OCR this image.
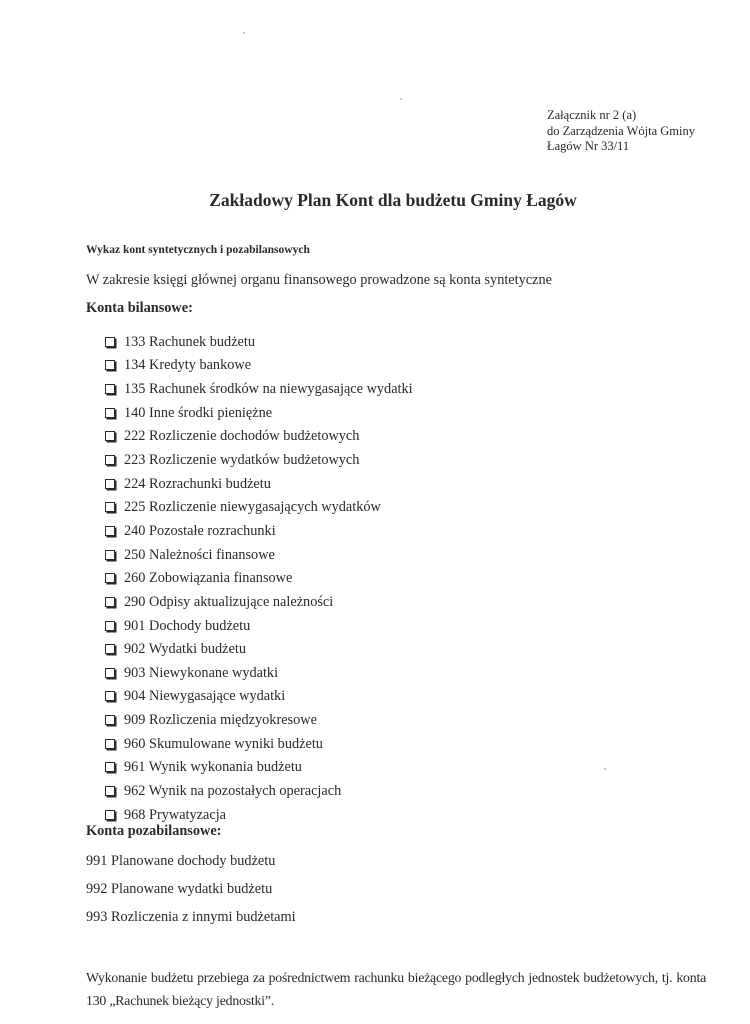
Załącznik nr 2 (a)
do Zarządzenia Wójta Gminy
Łagów Nr 33/11
Zakładowy Plan Kont dla budżetu Gminy Łagów
Wykaz kont syntetycznych i pozabilansowych
W zakresie księgi głównej organu finansowego prowadzone są konta syntetyczne
Konta bilansowe:
133 Rachunek budżetu
134 Kredyty bankowe
135 Rachunek środków na niewygasające wydatki
140 Inne środki pieniężne
222 Rozliczenie dochodów budżetowych
223 Rozliczenie wydatków budżetowych
224 Rozrachunki budżetu
225 Rozliczenie niewygasających wydatków
240 Pozostałe rozrachunki
250 Należności finansowe
260 Zobowiązania finansowe
290 Odpisy aktualizujące należności
901 Dochody budżetu
902 Wydatki budżetu
903 Niewykonane wydatki
904 Niewygasające wydatki
909 Rozliczenia międzyokresowe
960 Skumulowane wyniki budżetu
961 Wynik wykonania budżetu
962 Wynik na pozostałych operacjach
968 Prywatyzacja
Konta pozabilansowe:
991 Planowane dochody budżetu
992 Planowane wydatki budżetu
993 Rozliczenia z innymi budżetami
Wykonanie budżetu przebiega za pośrednictwem rachunku bieżącego podległych jednostek budżetowych, tj. konta 130 „Rachunek bieżący jednostki”.
